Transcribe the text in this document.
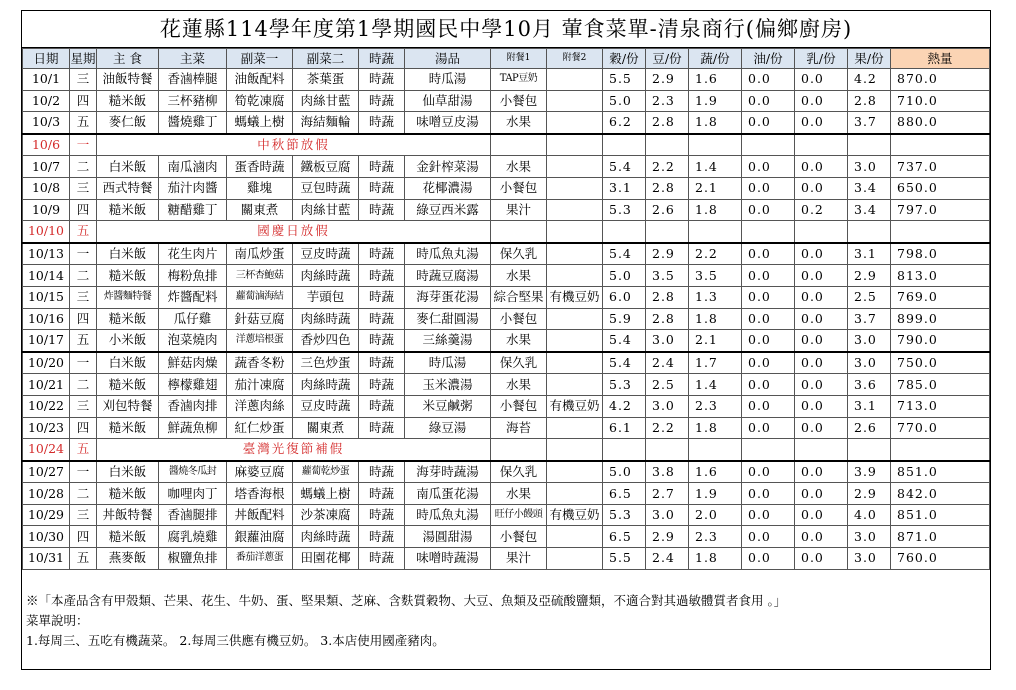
花蓮縣114學年度第1學期國民中學10月 葷食菜單-清泉商行(偏鄉廚房)
日期	星期	主 食	主菜	副菜一	副菜二	時蔬	湯品	附餐1	附餐2	穀/份	豆/份	蔬/份	油/份	乳/份	果/份	熱量
10/1	三	油飯特餐	香滷棒腿	油飯配料	茶葉蛋	時蔬	時瓜湯	TAP豆奶		5.5	2.9	1.6	0.0	0.0	4.2	870.0
10/2	四	糙米飯	三杯豬柳	筍乾凍腐	肉絲甘藍	時蔬	仙草甜湯	小餐包		5.0	2.3	1.9	0.0	0.0	2.8	710.0
10/3	五	麥仁飯	醬燒雞丁	螞蟻上樹	海結麵輪	時蔬	味噌豆皮湯	水果		6.2	2.8	1.8	0.0	0.0	3.7	880.0
10/6	一	中秋節放假														
10/7	二	白米飯	南瓜滷肉	蛋香時蔬	鐵板豆腐	時蔬	金針榨菜湯	水果		5.4	2.2	1.4	0.0	0.0	3.0	737.0
10/8	三	西式特餐	茄汁肉醬	雞塊	豆包時蔬	時蔬	花椰濃湯	小餐包		3.1	2.8	2.1	0.0	0.0	3.4	650.0
10/9	四	糙米飯	糖醋雞丁	關東煮	肉絲甘藍	時蔬	綠豆西米露	果汁		5.3	2.6	1.8	0.0	0.2	3.4	797.0
10/10	五	國慶日放假														
10/13	一	白米飯	花生肉片	南瓜炒蛋	豆皮時蔬	時蔬	時瓜魚丸湯	保久乳		5.4	2.9	2.2	0.0	0.0	3.1	798.0
10/14	二	糙米飯	梅粉魚排	三杯杏鮑菇	肉絲時蔬	時蔬	時蔬豆腐湯	水果		5.0	3.5	3.5	0.0	0.0	2.9	813.0
10/15	三	炸醬麵特餐	炸醬配料	蘿蔔滷海結	芋頭包	時蔬	海芽蛋花湯	綜合堅果	有機豆奶	6.0	2.8	1.3	0.0	0.0	2.5	769.0
10/16	四	糙米飯	瓜仔雞	針菇豆腐	肉絲時蔬	時蔬	麥仁甜圓湯	小餐包		5.9	2.8	1.8	0.0	0.0	3.7	899.0
10/17	五	小米飯	泡菜燒肉	洋蔥培根蛋	香炒四色	時蔬	三絲羹湯	水果		5.4	3.0	2.1	0.0	0.0	3.0	790.0
10/20	一	白米飯	鮮菇肉燥	蔬香冬粉	三色炒蛋	時蔬	時瓜湯	保久乳		5.4	2.4	1.7	0.0	0.0	3.0	750.0
10/21	二	糙米飯	檸檬雞翅	茄汁凍腐	肉絲時蔬	時蔬	玉米濃湯	水果		5.3	2.5	1.4	0.0	0.0	3.6	785.0
10/22	三	刈包特餐	香滷肉排	洋蔥肉絲	豆皮時蔬	時蔬	米豆鹹粥	小餐包	有機豆奶	4.2	3.0	2.3	0.0	0.0	3.1	713.0
10/23	四	糙米飯	鮮蔬魚柳	紅仁炒蛋	關東煮	時蔬	綠豆湯	海苔		6.1	2.2	1.8	0.0	0.0	2.6	770.0
10/24	五	臺灣光復節補假														
10/27	一	白米飯	醬燒冬瓜封	麻婆豆腐	蘿蔔乾炒蛋	時蔬	海芽時蔬湯	保久乳		5.0	3.8	1.6	0.0	0.0	3.9	851.0
10/28	二	糙米飯	咖哩肉丁	塔香海根	螞蟻上樹	時蔬	南瓜蛋花湯	水果		6.5	2.7	1.9	0.0	0.0	2.9	842.0
10/29	三	丼飯特餐	香滷腿排	丼飯配料	沙茶凍腐	時蔬	時瓜魚丸湯	旺仔小饅頭	有機豆奶	5.3	3.0	2.0	0.0	0.0	4.0	851.0
10/30	四	糙米飯	腐乳燒雞	銀蘿油腐	肉絲時蔬	時蔬	湯圓甜湯	小餐包		6.5	2.9	2.3	0.0	0.0	3.0	871.0
10/31	五	燕麥飯	椒鹽魚排	番茄洋蔥蛋	田園花椰	時蔬	味噌時蔬湯	果汁		5.5	2.4	1.8	0.0	0.0	3.0	760.0
※「本產品含有甲殼類、芒果、花生、牛奶、蛋、堅果類、芝麻、含麩質穀物、大豆、魚類及亞硫酸鹽類，不適合對其過敏體質者食用 。」
菜單說明：
1.每周三、五吃有機蔬菜。 2.每周三供應有機豆奶。 3.本店使用國產豬肉。
